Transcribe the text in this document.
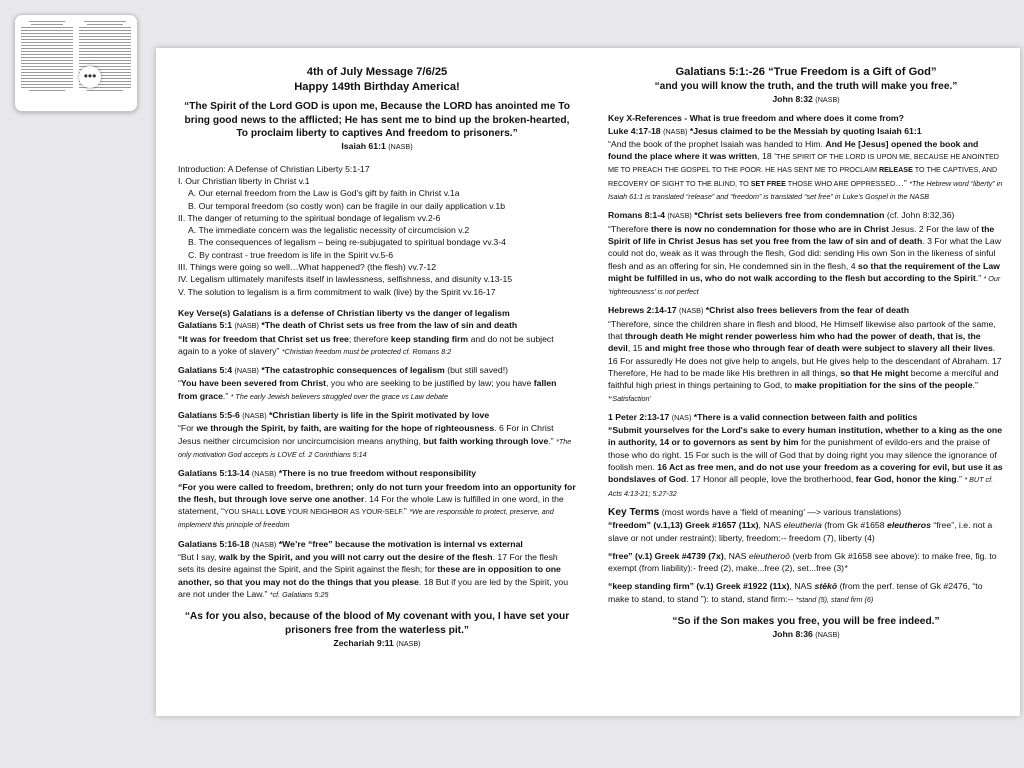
•••	4th of July Message 7/6/25

Happy 149th Birthday America!

“The Spirit of the Lord GOD is upon me, Because the LORD has anointed me To bring good news to the afflicted; He has sent me to bind up the broken-hearted, To proclaim liberty to captives And freedom to prisoners.”

Isaiah 61:1 (NASB)

Introduction: A Defense of Christian Liberty 5:1-17

I. Our Christian liberty in Christ v.1

A. Our eternal freedom from the Law is God’s gift by faith in Christ v.1a

B. Our temporal freedom (so costly won) can be fragile in our daily application v.1b

II. The danger of returning to the spiritual bondage of legalism vv.2-6

A. The immediate concern was the legalistic necessity of circumcision v.2

B. The consequences of legalism – being re-subjugated to spiritual bondage vv.3-4

C. By contrast - true freedom is life in the Spirit vv.5-6

III. Things were going so well…What happened? (the flesh) vv.7-12

IV. Legalism ultimately manifests itself in lawlessness, selfishness, and disunity v.13-15

V. The solution to legalism is a firm commitment to walk (live) by the Spirit vv.16-17

Key Verse(s) Galatians is a defense of Christian liberty vs the danger of legalism

Galatians 5:1 (NASB) *The death of Christ sets us free from the law of sin and death
“It was for freedom that Christ set us free; therefore keep standing firm and do not be subject again to a yoke of slavery” *Christian freedom must be protected cf. Romans 8:2

Galatians 5:4 (NASB) *The catastrophic consequences of legalism (but still saved!)
“You have been severed from Christ, you who are seeking to be justified by law; you have fallen from grace.” * The early Jewish believers struggled over the grace vs Law debate

Galatians 5:5-6 (NASB) *Christian liberty is life in the Spirit motivated by love
“For we through the Spirit, by faith, are waiting for the hope of righteousness. 6 For in Christ Jesus neither circumcision nor uncircumcision means anything, but faith working through love.” *The only motivation God accepts is LOVE cf. 2 Corinthians 5:14

Galatians 5:13-14 (NASB) *There is no true freedom without responsibility
“For you were called to freedom, brethren; only do not turn your freedom into an opportunity for the flesh, but through love serve one another. 14 For the whole Law is fulfilled in one word, in the statement, “YOU SHALL LOVE YOUR NEIGHBOR AS YOUR-SELF.” *We are responsible to protect, preserve, and implement this principle of freedom

Galatians 5:16-18 (NASB) *We’re “free” because the motivation is internal vs external
“But I say, walk by the Spirit, and you will not carry out the desire of the flesh. 17 For the flesh sets its desire against the Spirit, and the Spirit against the flesh; for these are in opposition to one another, so that you may not do the things that you please. 18 But if you are led by the Spirit, you are not under the Law.” *cf. Galatians 5:25

“As for you also, because of the blood of My covenant with you, I have set your prisoners free from the waterless pit.”

Zechariah 9:11 (NASB)

Galatians 5:1:-26 “True Freedom is a Gift of God”

“and you will know the truth, and the truth will make you free.”

John 8:32 (NASB)

Key X-References - What is true freedom and where does it come from?

Luke 4:17-18 (NASB) *Jesus claimed to be the Messiah by quoting Isaiah 61:1
“And the book of the prophet Isaiah was handed to Him. And He [Jesus] opened the book and found the place where it was written, 18 ‘THE SPIRIT OF THE LORD IS UPON ME, BECAUSE HE ANOINTED ME TO PREACH THE GOSPEL TO THE POOR. HE HAS SENT ME TO PROCLAIM RELEASE TO THE CAPTIVES, AND RECOVERY OF SIGHT TO THE BLIND, TO SET FREE THOSE WHO ARE OPPRESSED…” *The Hebrew word “liberty” in Isaiah 61:1 is translated “release” and “freedom” is translated “set free” in Luke’s Gospel in the NASB

Romans 8:1-4 (NASB) *Christ sets believers free from condemnation (cf. John 8:32,36)
“Therefore there is now no condemnation for those who are in Christ Jesus. 2 For the law of the Spirit of life in Christ Jesus has set you free from the law of sin and of death. 3 For what the Law could not do, weak as it was through the flesh, God did: sending His own Son in the likeness of sinful flesh and as an offering for sin, He condemned sin in the flesh, 4 so that the requirement of the Law might be fulfilled in us, who do not walk according to the flesh but according to the Spirit.” * Our ‘righteousness’ is not perfect

Hebrews 2:14-17 (NASB) *Christ also frees believers from the fear of death
“Therefore, since the children share in flesh and blood, He Himself likewise also partook of the same, that through death He might render powerless him who had the power of death, that is, the devil, 15 and might free those who through fear of death were subject to slavery all their lives. 16 For assuredly He does not give help to angels, but He gives help to the descendant of Abraham. 17 Therefore, He had to be made like His brethren in all things, so that He might become a merciful and faithful high priest in things pertaining to God, to make propitiation for the sins of the people.” *‘Satisfaction’

1 Peter 2:13-17 (NAS) *There is a valid connection between faith and politics
“Submit yourselves for the Lord's sake to every human institution, whether to a king as the one in authority, 14 or to governors as sent by him for the punishment of evildo-ers and the praise of those who do right. 15 For such is the will of God that by doing right you may silence the ignorance of foolish men. 16 Act as free men, and do not use your freedom as a covering for evil, but use it as bondslaves of God. 17 Honor all people, love the brotherhood, fear God, honor the king.” * BUT cf. Acts 4:13-21; 5:27-32

Key Terms (most words have a ‘field of meaning’ —> various translations)

“freedom” (v.1,13) Greek #1657 (11x), NAS eleutheria (from Gk #1658 eleutheros “free”, i.e. not a slave or not under restraint): liberty, freedom:-- freedom (7), liberty (4)

“free” (v.1) Greek #4739 (7x), NAS eleutheroō (verb from Gk #1658 see above): to make free, fig. to exempt (from liability):- freed (2), make...free (2), set...free (3)*

“keep standing firm” (v.1) Greek #1922 (11x), NAS stēkō (from the perf. tense of Gk #2476, “to make to stand, to stand ”): to stand, stand firm:-- *stand (5), stand firm (6)

“So if the Son makes you free, you will be free indeed.”

John 8:36 (NASB)
